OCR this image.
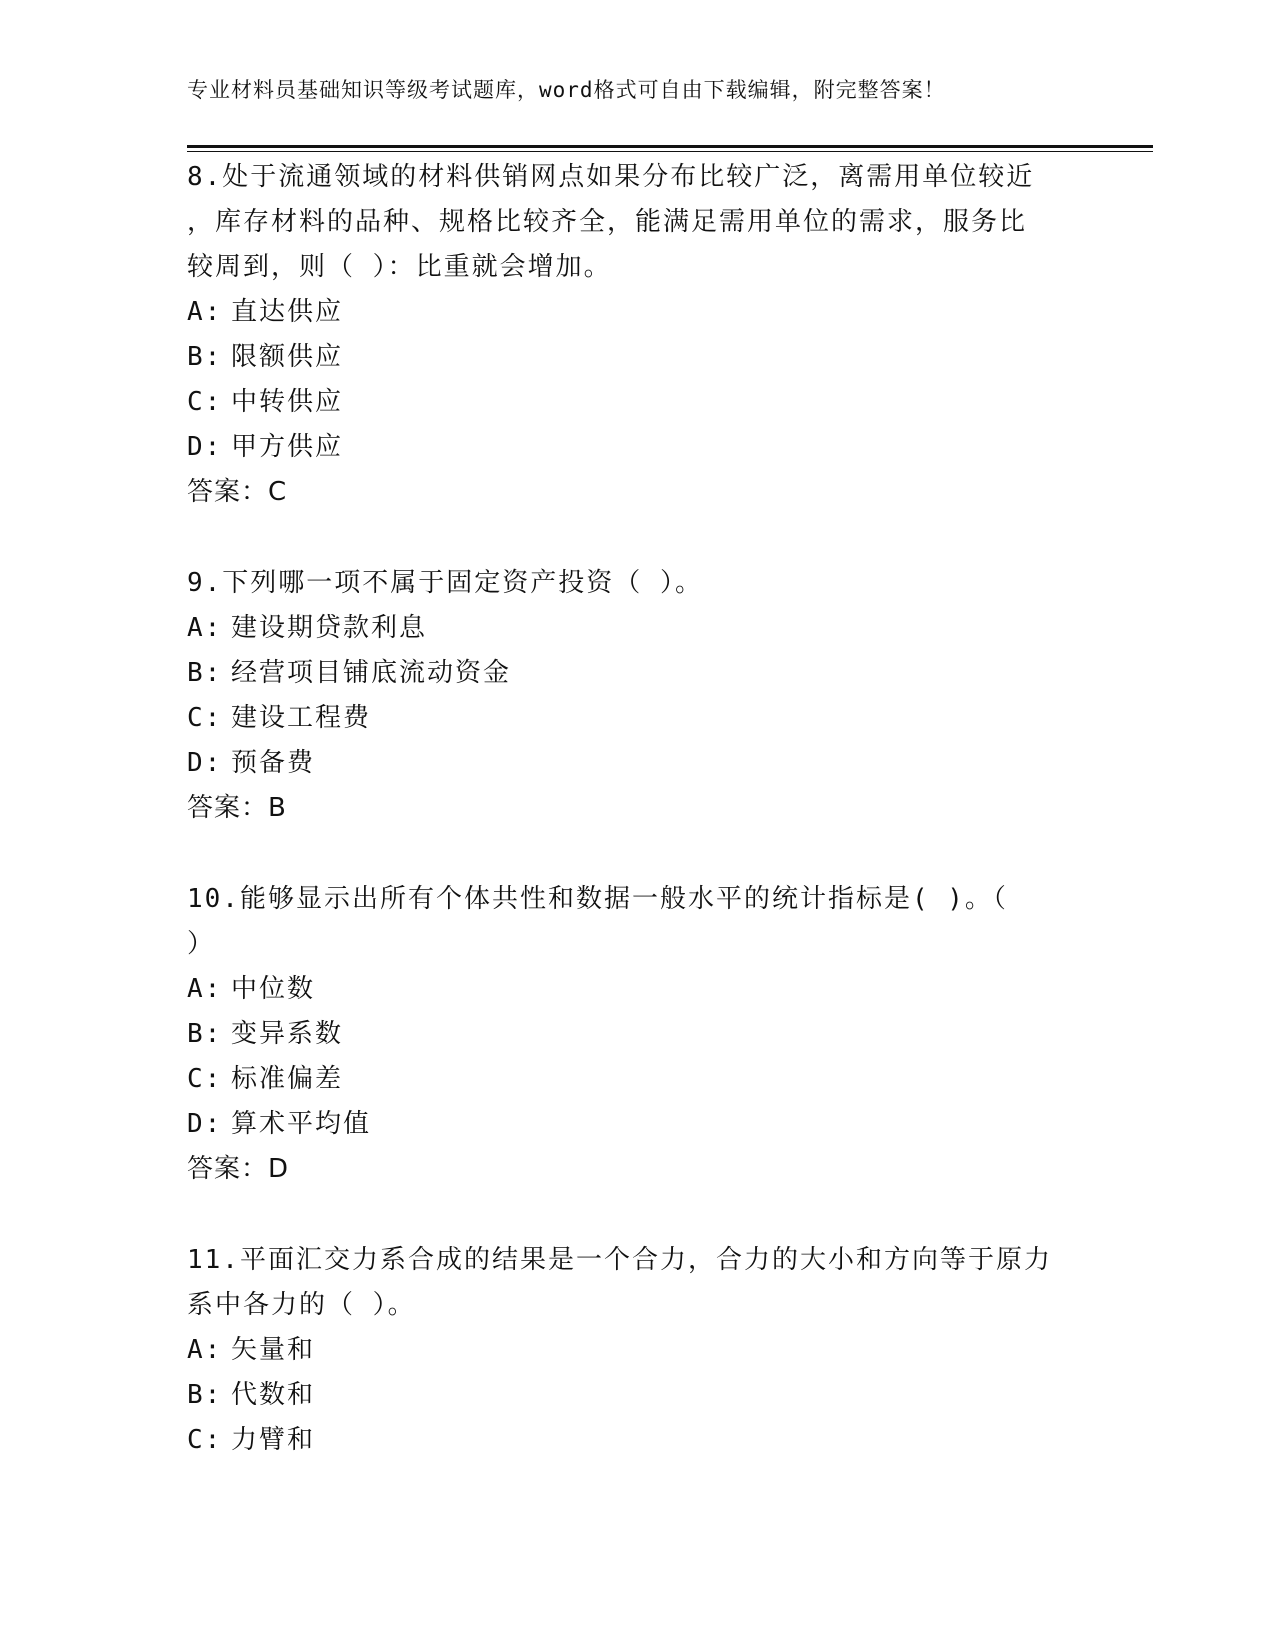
专业材料员基础知识等级考试题库，word格式可自由下载编辑，附完整答案！
8.处于流通领域的材料供销网点如果分布比较广泛，离需用单位较近
，库存材料的品种、规格比较齐全，能满足需用单位的需求，服务比
较周到，则（ ）：比重就会增加。
A: 直达供应
B: 限额供应
C: 中转供应
D: 甲方供应
答案：C
9.下列哪一项不属于固定资产投资（ ）。
A: 建设期贷款利息
B: 经营项目铺底流动资金
C: 建设工程费
D: 预备费
答案：B
10.能够显示出所有个体共性和数据一般水平的统计指标是( )。（
）
A: 中位数
B: 变异系数
C: 标准偏差
D: 算术平均值
答案：D
11.平面汇交力系合成的结果是一个合力，合力的大小和方向等于原力
系中各力的（ ）。
A: 矢量和
B: 代数和
C: 力臂和
